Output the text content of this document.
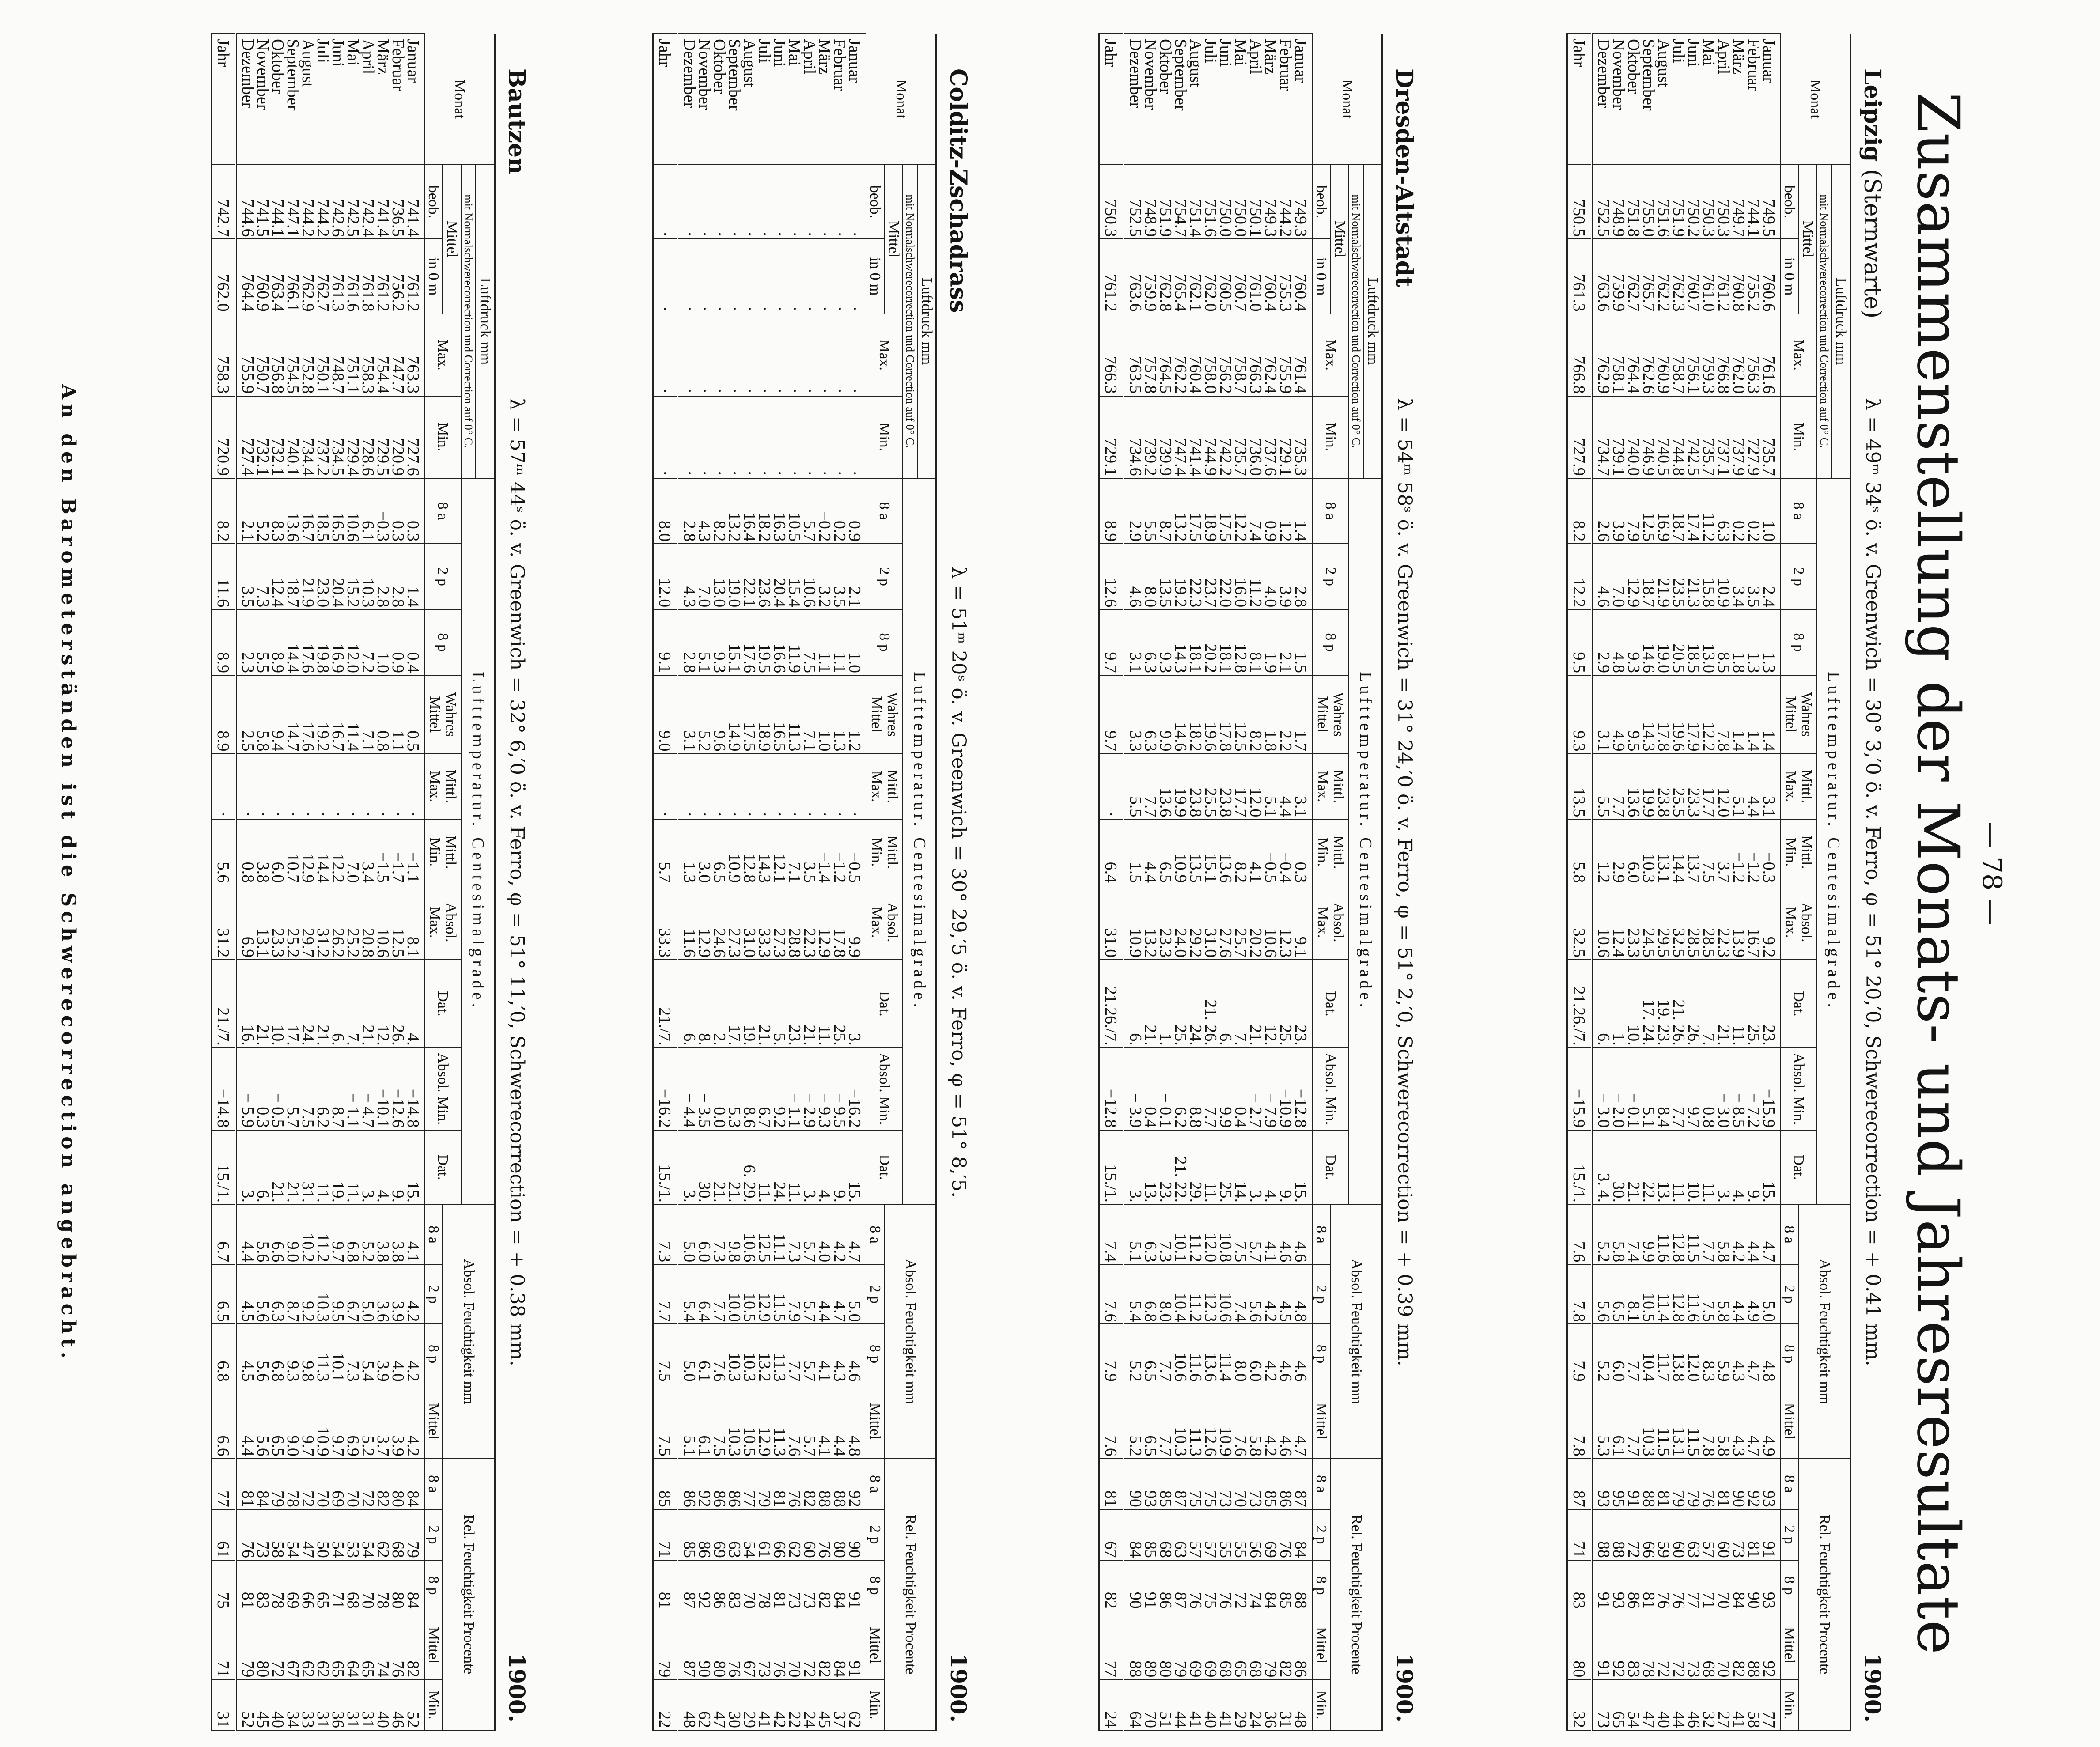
— 78 —
Zusammenstellung der Monats- und Jahresresultate
Leipzig (Sternwarte)
λ = 49ᵐ 34ˢ ö. v. Greenwich = 30° 3,′0 ö. v. Ferro, φ = 51° 20,′0, Schwerecorrection = + 0.41 mm.
1900.
Monat	Luftdruck mm				Lufttemperatur. Centesimalgrade.										Absol. Feuchtigkeit mm				Rel. Feuchtigkeit Procente				
	mit Normalschwerecorrection und Correction auf 0° C.																						
	Mittel		Max.	Min.	8 a	2 p	8 p	Wahres Mittel	Mittl. Max.	Mittl. Min.	Absol. Max.	Dat.	Absol. Min.	Dat.									
	beob.	in 0 m													8 a	2 p	8 p	Mittel	8 a	2 p	8 p	Mittel	Min.
Januar	749.5	760.6	761.6	735.7	1.0	2.4	1.3	1.4	3.1	−0.3	9.2	23.	−15.9	15.	4.7	5.0	4.8	4.9	93	91	93	92	77
Februar	744.1	755.2	756.3	727.9	0.2	3.5	1.3	1.4	4.4	−1.2	16.7	25.	− 7.2	9.	4.4	4.9	4.7	4.7	92	81	90	88	58
März	749.7	760.8	762.0	737.9	0.2	3.4	1.8	1.4	5.1	−1.2	13.9	11.	− 8.5	4.	4.2	4.4	4.3	4.3	90	73	84	82	41
April	750.3	761.2	766.8	737.1	6.3	10.9	8.5	7.8	12.0	3.7	22.3	21.	− 3.0	3.	5.8	5.8	5.9	5.8	81	60	70	70	27
Mai	750.3	761.0	759.3	735.7	11.2	15.8	13.0	12.2	17.7	7.5	28.5	7.	0.8	11.	7.7	7.5	8.3	7.8	76	57	71	68	32
Juni	750.2	760.7	756.1	742.5	17.4	21.3	18.5	17.9	23.3	13.7	28.5	26.	9.7	10.	11.5	11.6	12.0	11.5	79	63	77	73	46
Juli	751.9	762.3	758.7	744.8	18.7	23.5	20.5	19.6	25.5	14.4	32.5	21. 26.	7.7	11.	12.8	12.8	13.8	13.1	79	60	76	72	44
August	751.6	762.2	760.9	740.5	16.9	21.9	19.0	17.8	23.8	13.1	29.5	19. 23.	8.4	13.	11.6	11.4	11.7	11.5	81	59	76	72	40
September	755.0	765.7	762.6	746.9	12.5	18.7	14.6	14.3	19.9	10.3	24.5	17. 24.	5.1	22.	9.9	10.5	10.4	10.3	88	66	81	78	47
Oktober	751.8	762.7	764.4	740.0	7.9	12.9	9.3	9.5	13.6	6.0	23.3	10.	− 0.1	21.	7.4	8.1	7.7	7.7	91	72	86	83	54
November	748.9	759.9	758.1	739.1	3.9	7.0	4.8	4.9	7.7	2.9	12.4	1.	− 2.0	30.	5.8	6.5	6.0	6.1	95	88	93	92	65
Dezember	752.5	763.6	762.9	734.7	2.6	4.6	2.9	3.1	5.5	1.2	10.6	6.	− 3.0	3. 4.	5.2	5.6	5.2	5.3	93	88	91	91	73
Jahr	750.5	761.3	766.8	727.9	8.2	12.2	9.5	9.3	13.5	5.8	32.5	21.26./7.	−15.9	15./1.	7.6	7.8	7.9	7.8	87	71	83	80	32
Dresden-Altstadt
λ = 54ᵐ 58ˢ ö. v. Greenwich = 31° 24,′0 ö. v. Ferro, φ = 51° 2,′0, Schwerecorrection = + 0.39 mm.
1900.
Monat	Luftdruck mm				Lufttemperatur. Centesimalgrade.										Absol. Feuchtigkeit mm				Rel. Feuchtigkeit Procente				
	mit Normalschwerecorrection und Correction auf 0° C.																						
	Mittel		Max.	Min.	8 a	2 p	8 p	Wahres Mittel	Mittl. Max.	Mittl. Min.	Absol. Max.	Dat.	Absol. Min.	Dat.									
	beob.	in 0 m													8 a	2 p	8 p	Mittel	8 a	2 p	8 p	Mittel	Min.
Januar	749.3	760.4	761.4	735.3	1.4	2.8	1.5	1.7	3.1	0.3	9.1	23.	−12.8	15.	4.6	4.8	4.6	4.7	87	84	88	86	48
Februar	744.2	755.3	755.9	729.1	1.2	3.9	2.1	2.2	4.4	−0.4	12.3	25.	−10.9	9.	4.6	4.5	4.6	4.6	86	76	85	82	31
März	749.3	760.4	762.4	737.6	0.9	4.0	1.9	1.8	5.1	−0.5	10.6	12.	− 7.9	4.	4.1	4.2	4.2	4.2	85	69	84	79	36
April	750.1	761.0	766.3	736.0	7.4	11.2	8.1	8.2	12.0	4.1	20.2	21.	− 2.7	3.	5.7	5.6	6.0	5.8	73	56	74	68	24
Mai	750.0	760.7	758.7	735.7	12.2	16.0	12.8	12.5	17.7	8.2	25.7	7.	0.4	14.	7.5	7.4	8.0	7.6	70	55	72	65	29
Juni	750.0	760.5	756.2	742.2	17.5	22.0	18.1	17.8	23.8	13.6	27.6	6.	9.9	25.	10.8	10.6	11.4	10.9	73	55	76	68	41
Juli	751.6	762.0	758.0	744.9	18.9	23.7	20.2	19.6	25.5	15.1	31.0	21. 26.	7.7	11.	12.0	12.3	13.6	12.6	75	57	75	69	40
August	751.4	762.1	760.4	741.4	17.5	22.3	18.1	18.2	23.8	13.5	29.2	24.	8.8	29.	11.2	11.2	11.6	11.3	75	57	76	69	41
September	754.7	765.4	762.2	747.4	13.2	19.2	14.3	14.6	19.9	10.9	24.0	25.	6.2	21. 22.	10.1	10.4	10.6	10.3	87	63	87	79	44
Oktober	751.9	762.8	764.5	739.9	8.7	13.5	9.3	9.9	13.6	6.5	23.3	1.	− 0.1	23.	7.3	8.0	7.7	7.7	85	68	86	80	51
November	748.9	759.9	757.8	739.2	5.5	8.0	6.3	6.3	7.7	4.4	13.2	21.	0.4	13.	6.3	6.8	6.5	6.5	93	85	91	89	70
Dezember	752.5	763.6	763.5	734.6	2.9	4.6	3.1	3.3	5.5	1.5	10.9	6.	− 3.9	3.	5.1	5.4	5.2	5.2	90	84	90	88	64
Jahr	750.3	761.2	766.3	729.1	8.9	12.6	9.7	9.7	·	6.4	31.0	21.26./7.	−12.8	15./1.	7.4	7.6	7.9	7.6	81	67	82	77	24
Colditz-Zschadrass
λ = 51ᵐ 20ˢ ö. v. Greenwich = 30° 29,′5 ö. v. Ferro, φ = 51° 8,′5.
1900.
Monat	Luftdruck mm				Lufttemperatur. Centesimalgrade.										Absol. Feuchtigkeit mm				Rel. Feuchtigkeit Procente				
	mit Normalschwerecorrection und Correction auf 0° C.																						
	Mittel		Max.	Min.	8 a	2 p	8 p	Wahres Mittel	Mittl. Max.	Mittl. Min.	Absol. Max.	Dat.	Absol. Min.	Dat.									
	beob.	in 0 m													8 a	2 p	8 p	Mittel	8 a	2 p	8 p	Mittel	Min.
Januar	·	·	·	·	0.9	2.1	1.0	1.2	·	−0.5	9.9	3.	−16.2	15.	4.7	5.0	4.6	4.8	92	90	91	91	62
Februar	·	·	·	·	0.2	3.5	1.1	1.3	·	−1.2	17.8	25.	− 9.5	9.	4.2	4.7	4.3	4.4	88	80	84	84	37
März	·	·	·	·	−0.2	3.2	1.1	1.0	·	−1.4	12.9	11.	− 9.3	4.	4.0	4.4	4.1	4.1	88	76	82	82	45
April	·	·	·	·	5.7	10.6	7.5	7.1	·	3.5	22.3	21.	− 2.9	3.	5.7	5.7	5.7	5.7	82	60	73	72	24
Mai	·	·	·	·	10.5	15.4	11.9	11.3	·	7.1	28.8	23.	− 1.1	11.	7.3	7.9	7.7	7.6	76	62	73	70	22
Juni	·	·	·	·	16.3	20.4	16.6	16.5	·	12.1	27.3	5.	9.2	24.	11.1	11.5	11.3	11.3	81	66	81	76	42
Juli	·	·	·	·	18.2	23.6	19.5	18.9	·	14.3	33.3	21.	6.7	11.	12.5	12.9	13.2	12.9	79	61	78	73	41
August	·	·	·	·	16.4	22.1	17.6	17.5	·	12.8	31.0	19.	8.6	6. 29.	10.6	10.5	10.3	10.5	77	54	70	67	29
September	·	·	·	·	13.2	19.0	15.1	14.9	·	10.9	27.3	17.	5.3	21.	9.8	10.0	10.3	10.3	86	63	83	76	30
Oktober	·	·	·	·	8.2	13.0	9.3	9.6	·	6.5	24.6	2.	0.0	21.	7.3	7.7	7.6	7.5	86	69	86	80	47
November	·	·	·	·	4.3	7.0	5.1	5.2	·	3.0	12.9	8.	− 3.5	30.	6.0	6.4	6.1	6.1	92	86	92	90	62
Dezember	·	·	·	·	2.8	4.3	2.8	3.1	·	1.3	11.6	6.	− 4.4	3.	5.0	5.4	5.0	5.1	86	85	87	87	48
Jahr	·	·	·	·	8.0	12.0	9.1	9.0	·	5.7	33.3	21./7.	−16.2	15./1.	7.3	7.7	7.5	7.5	85	71	81	79	22
Bautzen
λ = 57ᵐ 44ˢ ö. v. Greenwich = 32° 6,′0 ö. v. Ferro, φ = 51° 11,′0, Schwerecorrection = + 0.38 mm.
1900.
Monat	Luftdruck mm				Lufttemperatur. Centesimalgrade.										Absol. Feuchtigkeit mm				Rel. Feuchtigkeit Procente				
	mit Normalschwerecorrection und Correction auf 0° C.																						
	Mittel		Max.	Min.	8 a	2 p	8 p	Wahres Mittel	Mittl. Max.	Mittl. Min.	Absol. Max.	Dat.	Absol. Min.	Dat.									
	beob.	in 0 m													8 a	2 p	8 p	Mittel	8 a	2 p	8 p	Mittel	Min.
Januar	741.4	761.2	763.3	727.6	0.3	1.4	0.4	0.5	·	−1.1	8.1	4.	−14.8	15.	4.1	4.2	4.2	4.2	84	79	84	82	52
Februar	736.5	756.2	747.7	720.9	0.3	2.8	0.9	1.1	·	−1.7	12.5	26.	−12.6	9.	3.8	3.9	4.0	3.9	80	68	80	76	46
März	741.4	761.2	754.4	729.5	−0.3	2.8	1.0	0.8	·	−1.5	10.6	12.	−10.1	4.	3.8	3.6	3.9	3.7	82	62	78	74	40
April	742.4	761.8	758.3	728.6	6.1	10.3	7.2	7.1	·	3.4	20.8	21.	− 4.7	3.	5.2	5.0	5.4	5.2	72	54	70	65	31
Mai	742.5	761.6	751.1	729.4	10.6	15.2	12.0	11.4	·	7.0	25.2	7.	− 1.1	11.	6.8	6.7	7.3	6.9	70	53	68	64	31
Juni	742.6	761.3	748.7	734.5	16.5	20.4	16.9	16.7	·	12.2	26.2	6.	8.7	19.	9.7	9.5	10.1	9.7	69	54	71	65	36
Juli	744.2	762.7	750.1	737.2	18.5	23.0	19.8	19.2	·	14.4	31.2	21.	6.2	11.	11.2	10.3	11.3	10.9	70	50	65	62	31
August	744.2	762.9	752.8	734.4	16.7	21.9	17.6	17.6	·	12.9	29.7	24.	7.5	31.	10.2	9.2	9.8	9.7	72	47	66	62	33
September	747.1	766.1	754.5	740.1	13.6	18.7	14.4	14.7	·	10.7	25.2	17.	5.7	21.	9.0	8.7	9.3	9.0	78	54	69	67	34
Oktober	744.1	763.4	756.8	732.1	8.3	12.4	8.9	9.4	·	6.0	23.3	10.	− 0.5	21.	6.6	6.3	6.8	6.5	79	58	78	72	40
November	741.5	760.9	750.7	732.1	5.2	7.3	5.5	5.8	·	3.8	13.1	21.	0.3	6.	5.6	5.6	5.6	5.6	84	73	83	80	45
Dezember	744.6	764.4	755.9	727.4	2.1	3.5	2.3	2.5	·	0.8	6.9	16.	− 5.9	3.	4.4	4.5	4.5	4.4	81	76	81	79	52
Jahr	742.7	762.0	758.3	720.9	8.2	11.6	8.9	8.9	·	5.6	31.2	21./7.	−14.8	15./1.	6.7	6.5	6.8	6.6	77	61	75	71	31
An den Barometerständen ist die Schwerecorrection angebracht.
